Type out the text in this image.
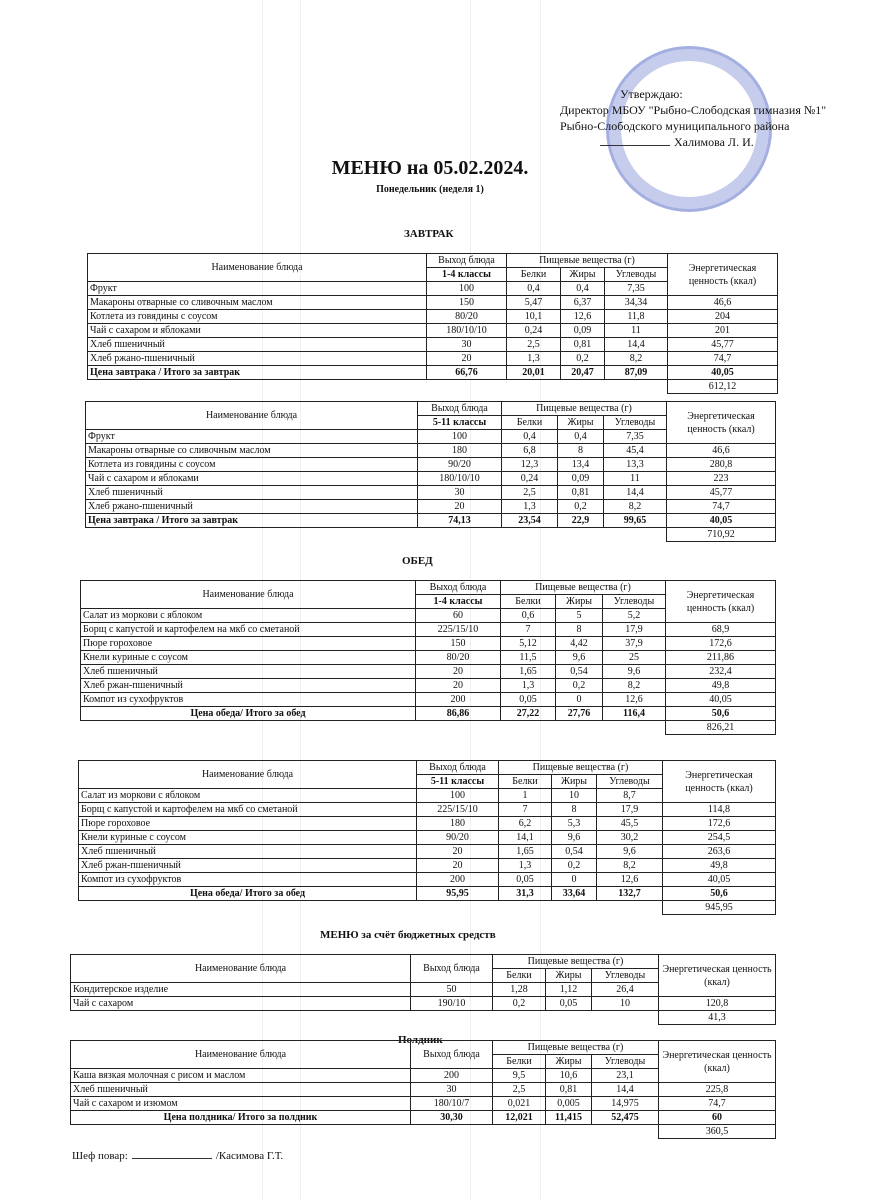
Утверждаю:
Директор МБОУ "Рыбно-Слободская гимназия №1"
Рыбно-Слободского муниципального района
Халимова Л. И.
МЕНЮ на 05.02.2024.
Понедельник (неделя 1)
ЗАВТРАК
ОБЕД
МЕНЮ за счёт бюджетных средств
Полдник
Наименование блюда	Выход блюда	Пищевые вещества (г)			Энергетическая ценность (ккал)
	1-4 классы	Белки	Жиры	Углеводы	
Фрукт	100	0,4	0,4	7,35	
Макароны отварные со сливочным маслом	150	5,47	6,37	34,34	46,6
Котлета из говядины с соусом	80/20	10,1	12,6	11,8	204
Чай с сахаром и яблоками	180/10/10	0,24	0,09	11	201
Хлеб пшеничный	30	2,5	0,81	14,4	45,77
Хлеб ржано-пшеничный	20	1,3	0,2	8,2	74,7
Цена завтрака / Итого за завтрак	66,76	20,01	20,47	87,09	40,05
					612,12
Наименование блюда	Выход блюда	Пищевые вещества (г)			Энергетическая ценность (ккал)
	5-11 классы	Белки	Жиры	Углеводы	
Фрукт	100	0,4	0,4	7,35	
Макароны отварные со сливочным маслом	180	6,8	8	45,4	46,6
Котлета из говядины с соусом	90/20	12,3	13,4	13,3	280,8
Чай с сахаром и яблоками	180/10/10	0,24	0,09	11	223
Хлеб пшеничный	30	2,5	0,81	14,4	45,77
Хлеб ржано-пшеничный	20	1,3	0,2	8,2	74,7
Цена завтрака / Итого за завтрак	74,13	23,54	22,9	99,65	40,05
					710,92
Наименование блюда	Выход блюда	Пищевые вещества (г)			Энергетическая ценность (ккал)
	1-4 классы	Белки	Жиры	Углеводы	
Салат из моркови с яблоком	60	0,6	5	5,2	
Борщ с капустой и картофелем на мкб со сметаной	225/15/10	7	8	17,9	68,9
Пюре гороховое	150	5,12	4,42	37,9	172,6
Кнели куриные с соусом	80/20	11,5	9,6	25	211,86
Хлеб пшеничный	20	1,65	0,54	9,6	232,4
Хлеб ржан-пшеничный	20	1,3	0,2	8,2	49,8
Компот из сухофруктов	200	0,05	0	12,6	40,05
Цена обеда/ Итого за обед	86,86	27,22	27,76	116,4	50,6
					826,21
Наименование блюда	Выход блюда	Пищевые вещества (г)			Энергетическая ценность (ккал)
	5-11 классы	Белки	Жиры	Углеводы	
Салат из моркови с яблоком	100	1	10	8,7	
Борщ с капустой и картофелем на мкб со сметаной	225/15/10	7	8	17,9	114,8
Пюре гороховое	180	6,2	5,3	45,5	172,6
Кнели куриные с соусом	90/20	14,1	9,6	30,2	254,5
Хлеб пшеничный	20	1,65	0,54	9,6	263,6
Хлеб ржан-пшеничный	20	1,3	0,2	8,2	49,8
Компот из сухофруктов	200	0,05	0	12,6	40,05
Цена обеда/ Итого за обед	95,95	31,3	33,64	132,7	50,6
					945,95
Наименование блюда	Выход блюда	Пищевые вещества (г)			Энергетическая ценность (ккал)
		Белки	Жиры	Углеводы	
Кондитерское изделие	50	1,28	1,12	26,4	
Чай с сахаром	190/10	0,2	0,05	10	120,8
					41,3
Наименование блюда	Выход блюда	Пищевые вещества (г)			Энергетическая ценность (ккал)
		Белки	Жиры	Углеводы	
Каша вязкая молочная с рисом и маслом	200	9,5	10,6	23,1	
Хлеб пшеничный	30	2,5	0,81	14,4	225,8
Чай с сахаром и изюмом	180/10/7	0,021	0,005	14,975	74,7
Цена полдника/ Итого за полдник	30,30	12,021	11,415	52,475	60
					360,5
Шеф повар:	/Касимова Г.Т.
